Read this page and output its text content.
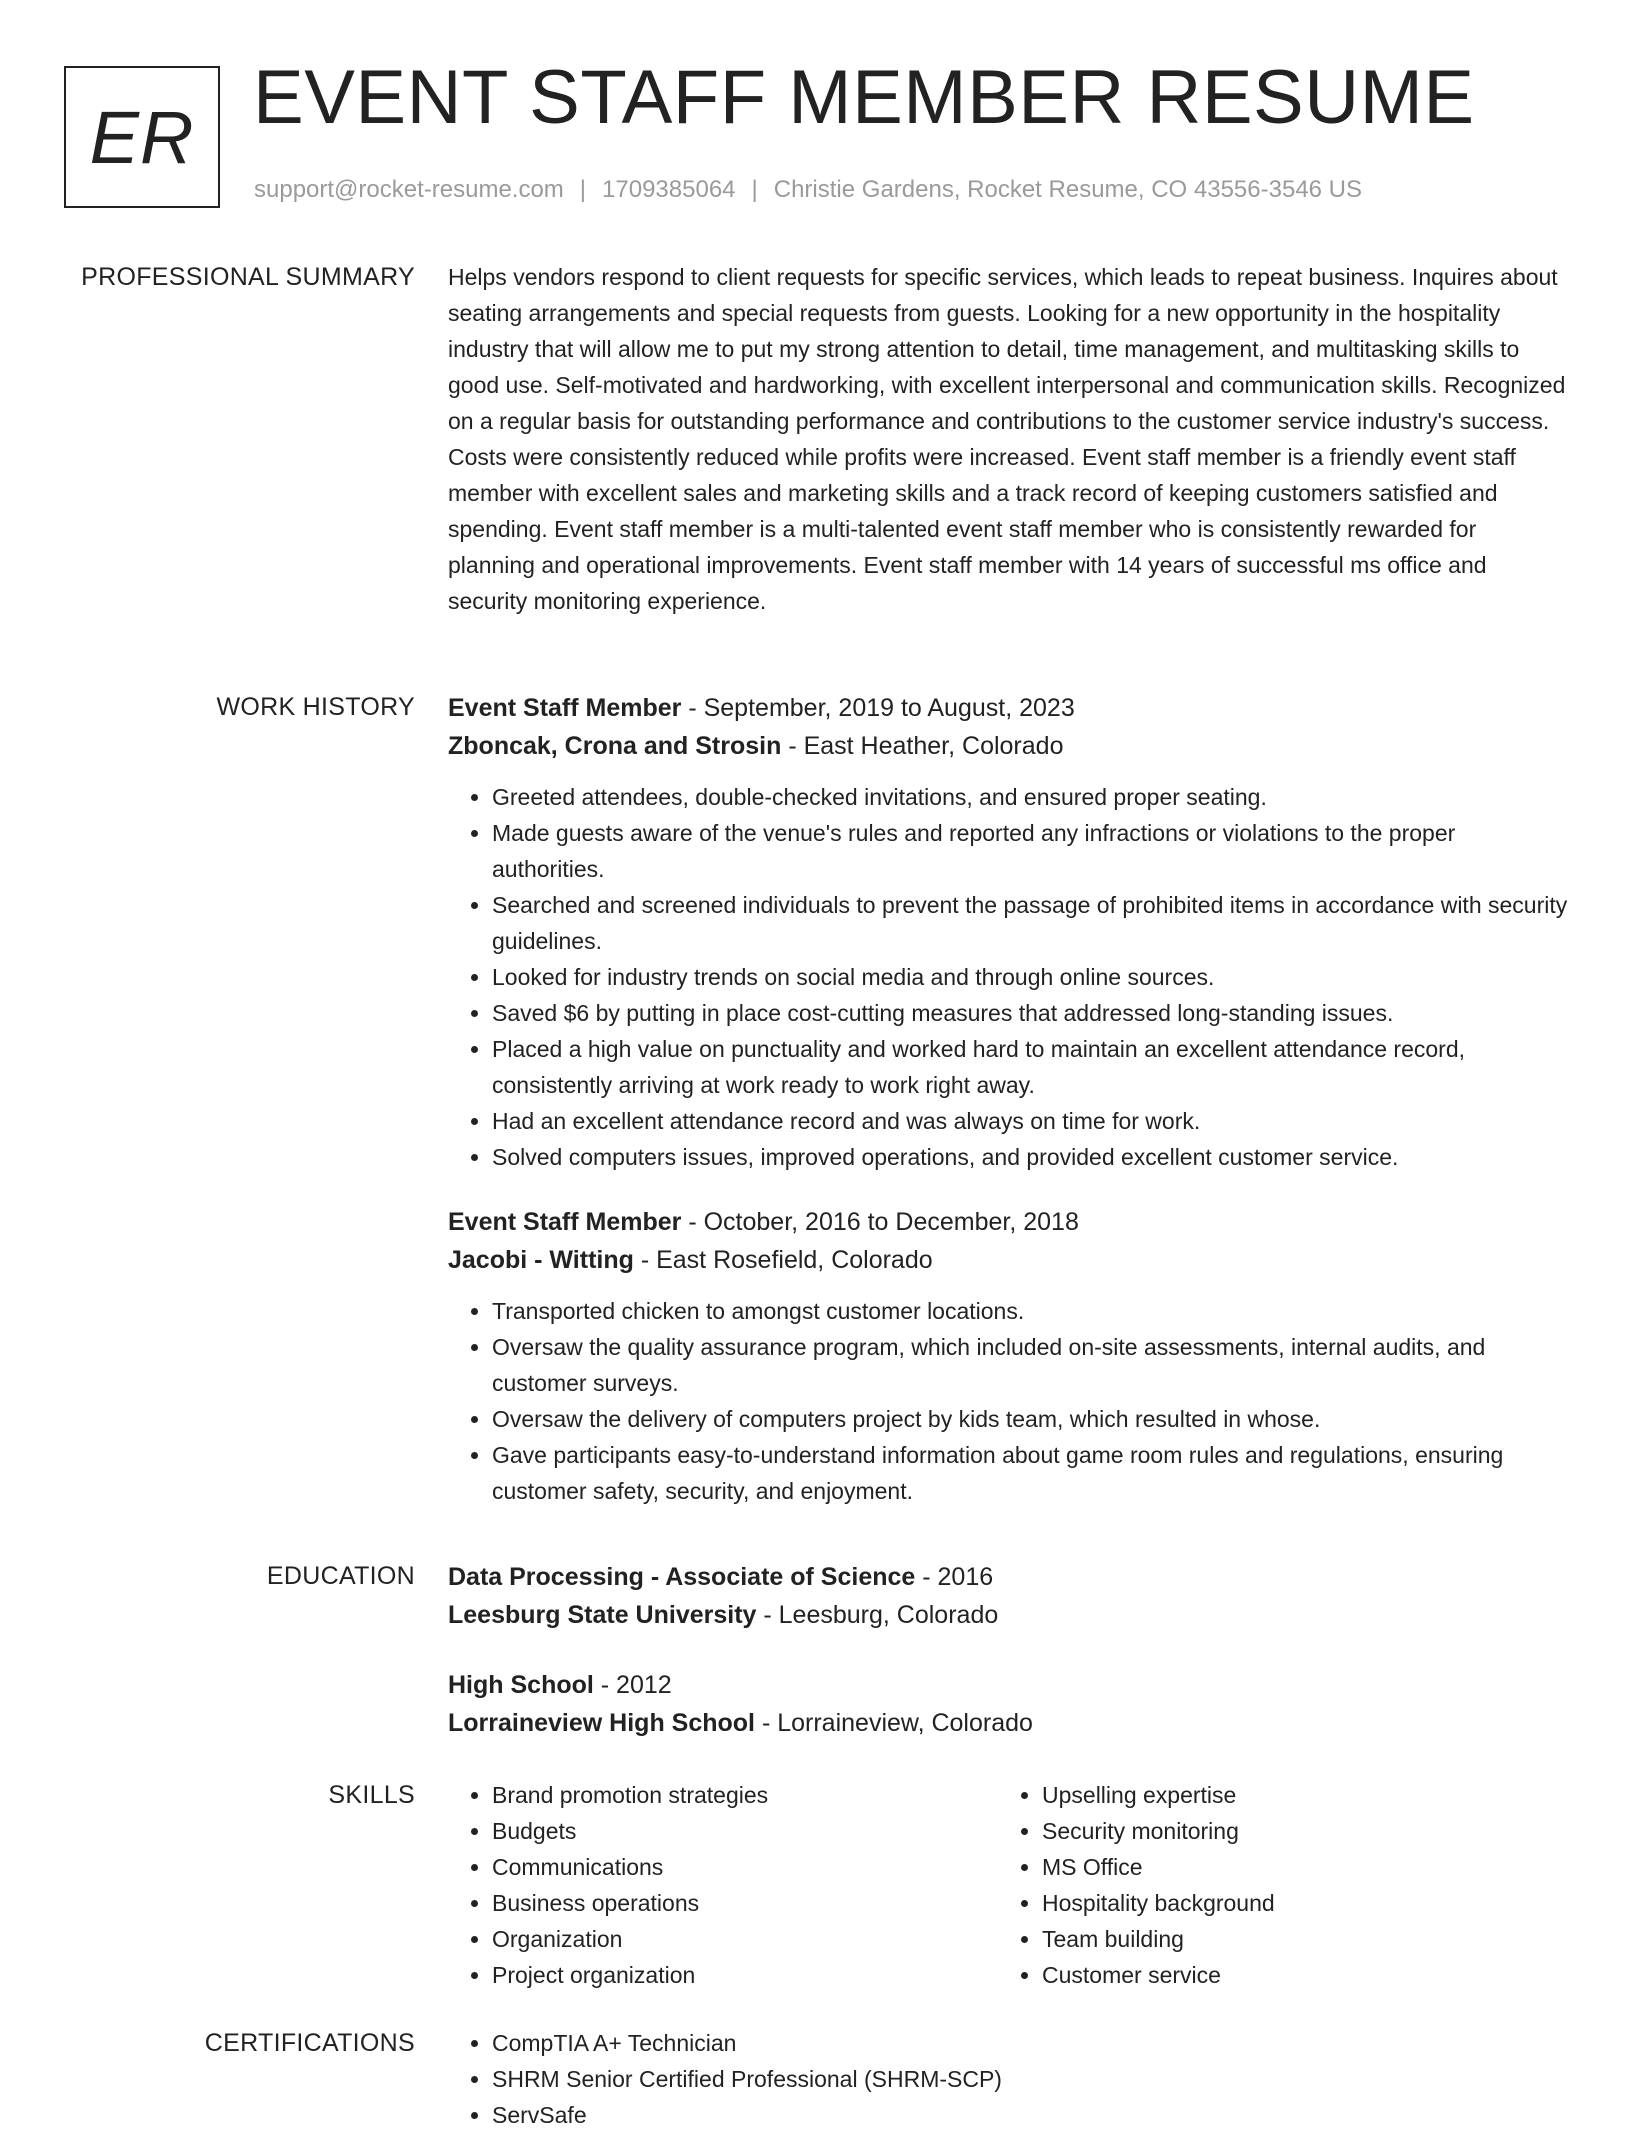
ER EVENT STAFF MEMBER RESUME
support@rocket-resume.com | 1709385064 | Christie Gardens, Rocket Resume, CO 43556-3546 US
PROFESSIONAL SUMMARY Helps vendors respond to client requests for specific services, which leads to repeat business. Inquires about seating arrangements and special requests from guests. Looking for a new opportunity in the hospitality industry that will allow me to put my strong attention to detail, time management, and multitasking skills to good use. Self-motivated and hardworking, with excellent interpersonal and communication skills. Recognized on a regular basis for outstanding performance and contributions to the customer service industry's success. Costs were consistently reduced while profits were increased. Event staff member is a friendly event staff member with excellent sales and marketing skills and a track record of keeping customers satisfied and spending. Event staff member is a multi-talented event staff member who is consistently rewarded for planning and operational improvements. Event staff member with 14 years of successful ms office and security monitoring experience.

WORK HISTORY Event Staff Member - September, 2019 to August, 2023
Zboncak, Crona and Strosin - East Heather, Colorado
• Greeted attendees, double-checked invitations, and ensured proper seating.
• Made guests aware of the venue's rules and reported any infractions or violations to the proper authorities.
• Searched and screened individuals to prevent the passage of prohibited items in accordance with security guidelines.
• Looked for industry trends on social media and through online sources.
• Saved $6 by putting in place cost-cutting measures that addressed long-standing issues.
• Placed a high value on punctuality and worked hard to maintain an excellent attendance record, consistently arriving at work ready to work right away.
• Had an excellent attendance record and was always on time for work.
• Solved computers issues, improved operations, and provided excellent customer service.
Event Staff Member - October, 2016 to December, 2018
Jacobi - Witting - East Rosefield, Colorado
• Transported chicken to amongst customer locations.
• Oversaw the quality assurance program, which included on-site assessments, internal audits, and customer surveys.
• Oversaw the delivery of computers project by kids team, which resulted in whose.
• Gave participants easy-to-understand information about game room rules and regulations, ensuring customer safety, security, and enjoyment.
EDUCATION Data Processing - Associate of Science - 2016
Leesburg State University - Leesburg, Colorado
High School - 2012
Lorraineview High School - Lorraineview, Colorado
SKILLS	• Brand promotion strategies
• Budgets
• Communications
• Business operations
• Organization
• Project organization
• Upselling expertise
• Security monitoring
• MS Office
• Hospitality background
• Team building
• Customer service
CERTIFICATIONS	• CompTIA A+ Technician
• SHRM Senior Certified Professional (SHRM-SCP)
• ServSafe
